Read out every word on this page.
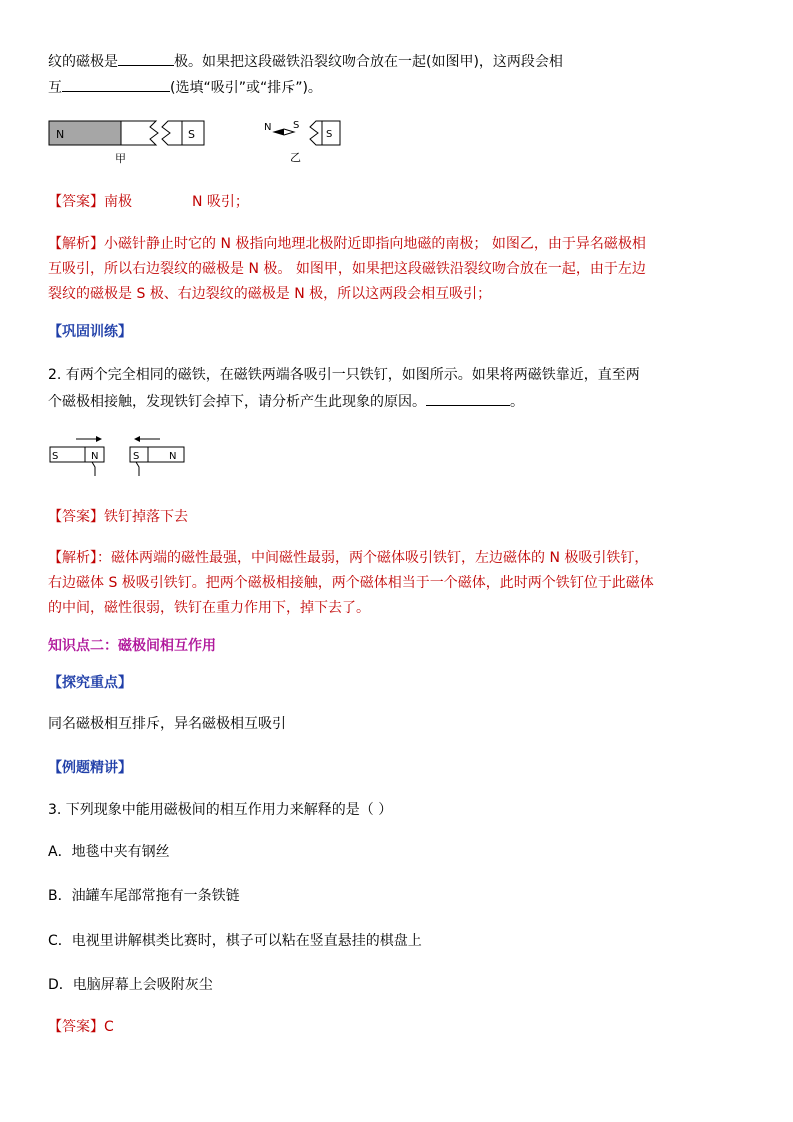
纹的磁极是	极。如果把这段磁铁沿裂纹吻合放在一起(如图甲)，这两段会相
互	(选填“吸引”或“排斥”)。
N	S
甲
N S
S
乙
【答案】南极	N 吸引；
【解析】小磁针静止时它的 N 极指向地理北极附近即指向地磁的南极； 如图乙，由于异名磁极相
互吸引，所以右边裂纹的磁极是 N 极。 如图甲，如果把这段磁铁沿裂纹吻合放在一起，由于左边
裂纹的磁极是 S 极、右边裂纹的磁极是 N 极，所以这两段会相互吸引；
【巩固训练】
2. 有两个完全相同的磁铁，在磁铁两端各吸引一只铁钉，如图所示。如果将两磁铁靠近，直至两
个磁极相接触，发现铁钉会掉下，请分析产生此现象的原因。	。
S	N	S	N
【答案】铁钉掉落下去
【解析】：磁体两端的磁性最强，中间磁性最弱，两个磁体吸引铁钉，左边磁体的 N 极吸引铁钉，
右边磁体 S 极吸引铁钉。把两个磁极相接触，两个磁体相当于一个磁体，此时两个铁钉位于此磁体
的中间，磁性很弱，铁钉在重力作用下，掉下去了。
知识点二：磁极间相互作用
【探究重点】
同名磁极相互排斥，异名磁极相互吸引
【例题精讲】
3. 下列现象中能用磁极间的相互作用力来解释的是（ ）
A．地毯中夹有钢丝
B．油罐车尾部常拖有一条铁链
C．电视里讲解棋类比赛时，棋子可以粘在竖直悬挂的棋盘上
D．电脑屏幕上会吸附灰尘
【答案】C
